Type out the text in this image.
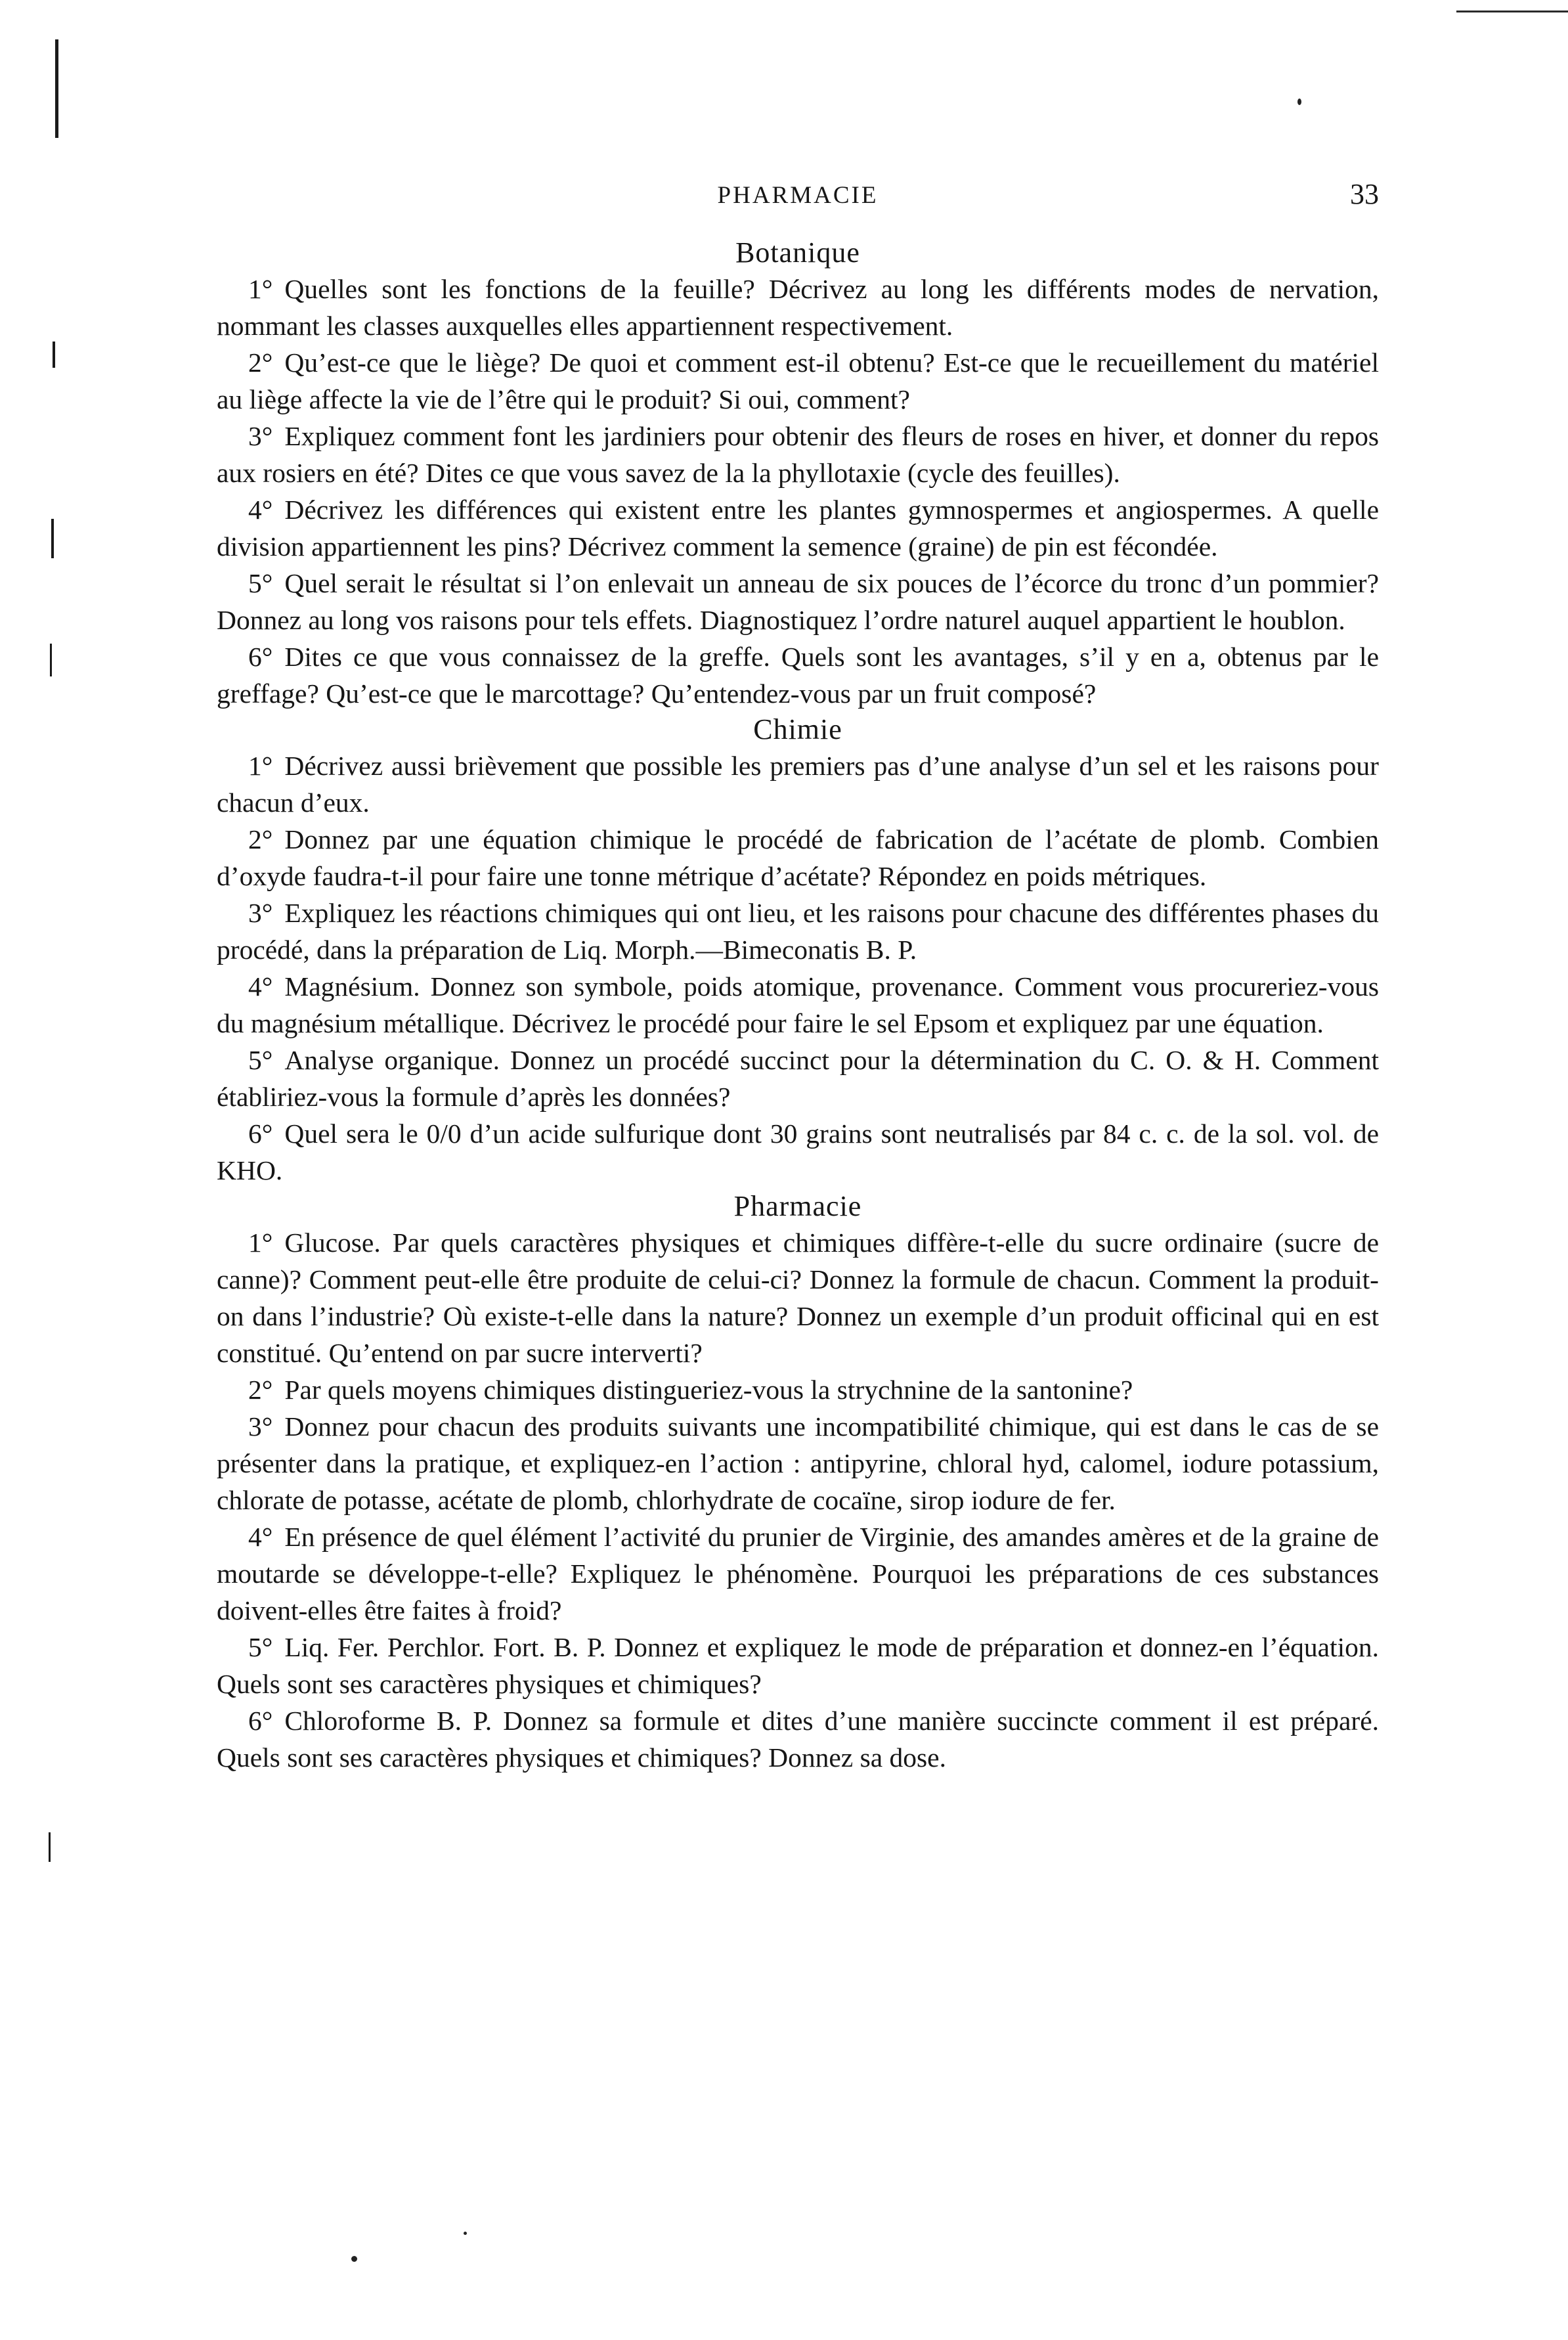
PHARMACIE	33
Botanique

1° Quelles sont les fonctions de la feuille? Décrivez au long les différents modes de nervation, nommant les classes auxquelles elles appartiennent respectivement.

2° Qu’est-ce que le liège? De quoi et comment est-il obtenu? Est-ce que le recueillement du matériel au liège affecte la vie de l’être qui le produit? Si oui, comment?

3° Expliquez comment font les jardiniers pour obtenir des fleurs de roses en hiver, et donner du repos aux rosiers en été? Dites ce que vous savez de la la phyllotaxie (cycle des feuilles).

4° Décrivez les différences qui existent entre les plantes gymnospermes et angiospermes. A quelle division appartiennent les pins? Décrivez comment la semence (graine) de pin est fécondée.

5° Quel serait le résultat si l’on enlevait un anneau de six pouces de l’écorce du tronc d’un pommier? Donnez au long vos raisons pour tels effets. Diagnostiquez l’ordre naturel auquel appartient le houblon.

6° Dites ce que vous connaissez de la greffe. Quels sont les avantages, s’il y en a, obtenus par le greffage? Qu’est-ce que le marcottage? Qu’entendez-vous par un fruit composé?

Chimie

1° Décrivez aussi brièvement que possible les premiers pas d’une analyse d’un sel et les raisons pour chacun d’eux.

2° Donnez par une équation chimique le procédé de fabrication de l’acétate de plomb. Combien d’oxyde faudra-t-il pour faire une tonne métrique d’acétate? Répondez en poids métriques.

3° Expliquez les réactions chimiques qui ont lieu, et les raisons pour chacune des différentes phases du procédé, dans la préparation de Liq. Morph.—Bimeconatis B. P.

4° Magnésium. Donnez son symbole, poids atomique, provenance. Comment vous procureriez-vous du magnésium métallique. Décrivez le procédé pour faire le sel Epsom et expliquez par une équation.

5° Analyse organique. Donnez un procédé succinct pour la détermination du C. O. & H. Comment établiriez-vous la formule d’après les données?

6° Quel sera le 0/0 d’un acide sulfurique dont 30 grains sont neutralisés par 84 c. c. de la sol. vol. de KHO.

Pharmacie

1° Glucose. Par quels caractères physiques et chimiques diffère-t-elle du sucre ordinaire (sucre de canne)? Comment peut-elle être produite de celui-ci? Donnez la formule de chacun. Comment la produit-on dans l’industrie? Où existe-t-elle dans la nature? Donnez un exemple d’un produit officinal qui en est constitué. Qu’entend on par sucre interverti?

2° Par quels moyens chimiques distingueriez-vous la strychnine de la santonine?

3° Donnez pour chacun des produits suivants une incompatibilité chimique, qui est dans le cas de se présenter dans la pratique, et expliquez-en l’action : antipyrine, chloral hyd, calomel, iodure potassium, chlorate de potasse, acétate de plomb, chlorhydrate de cocaïne, sirop iodure de fer.

4° En présence de quel élément l’activité du prunier de Virginie, des amandes amères et de la graine de moutarde se développe-t-elle? Expliquez le phénomène. Pourquoi les préparations de ces substances doivent-elles être faites à froid?

5° Liq. Fer. Perchlor. Fort. B. P. Donnez et expliquez le mode de préparation et donnez-en l’équation. Quels sont ses caractères physiques et chimiques?

6° Chloroforme B. P. Donnez sa formule et dites d’une manière succincte comment il est préparé. Quels sont ses caractères physiques et chimiques? Donnez sa dose.
